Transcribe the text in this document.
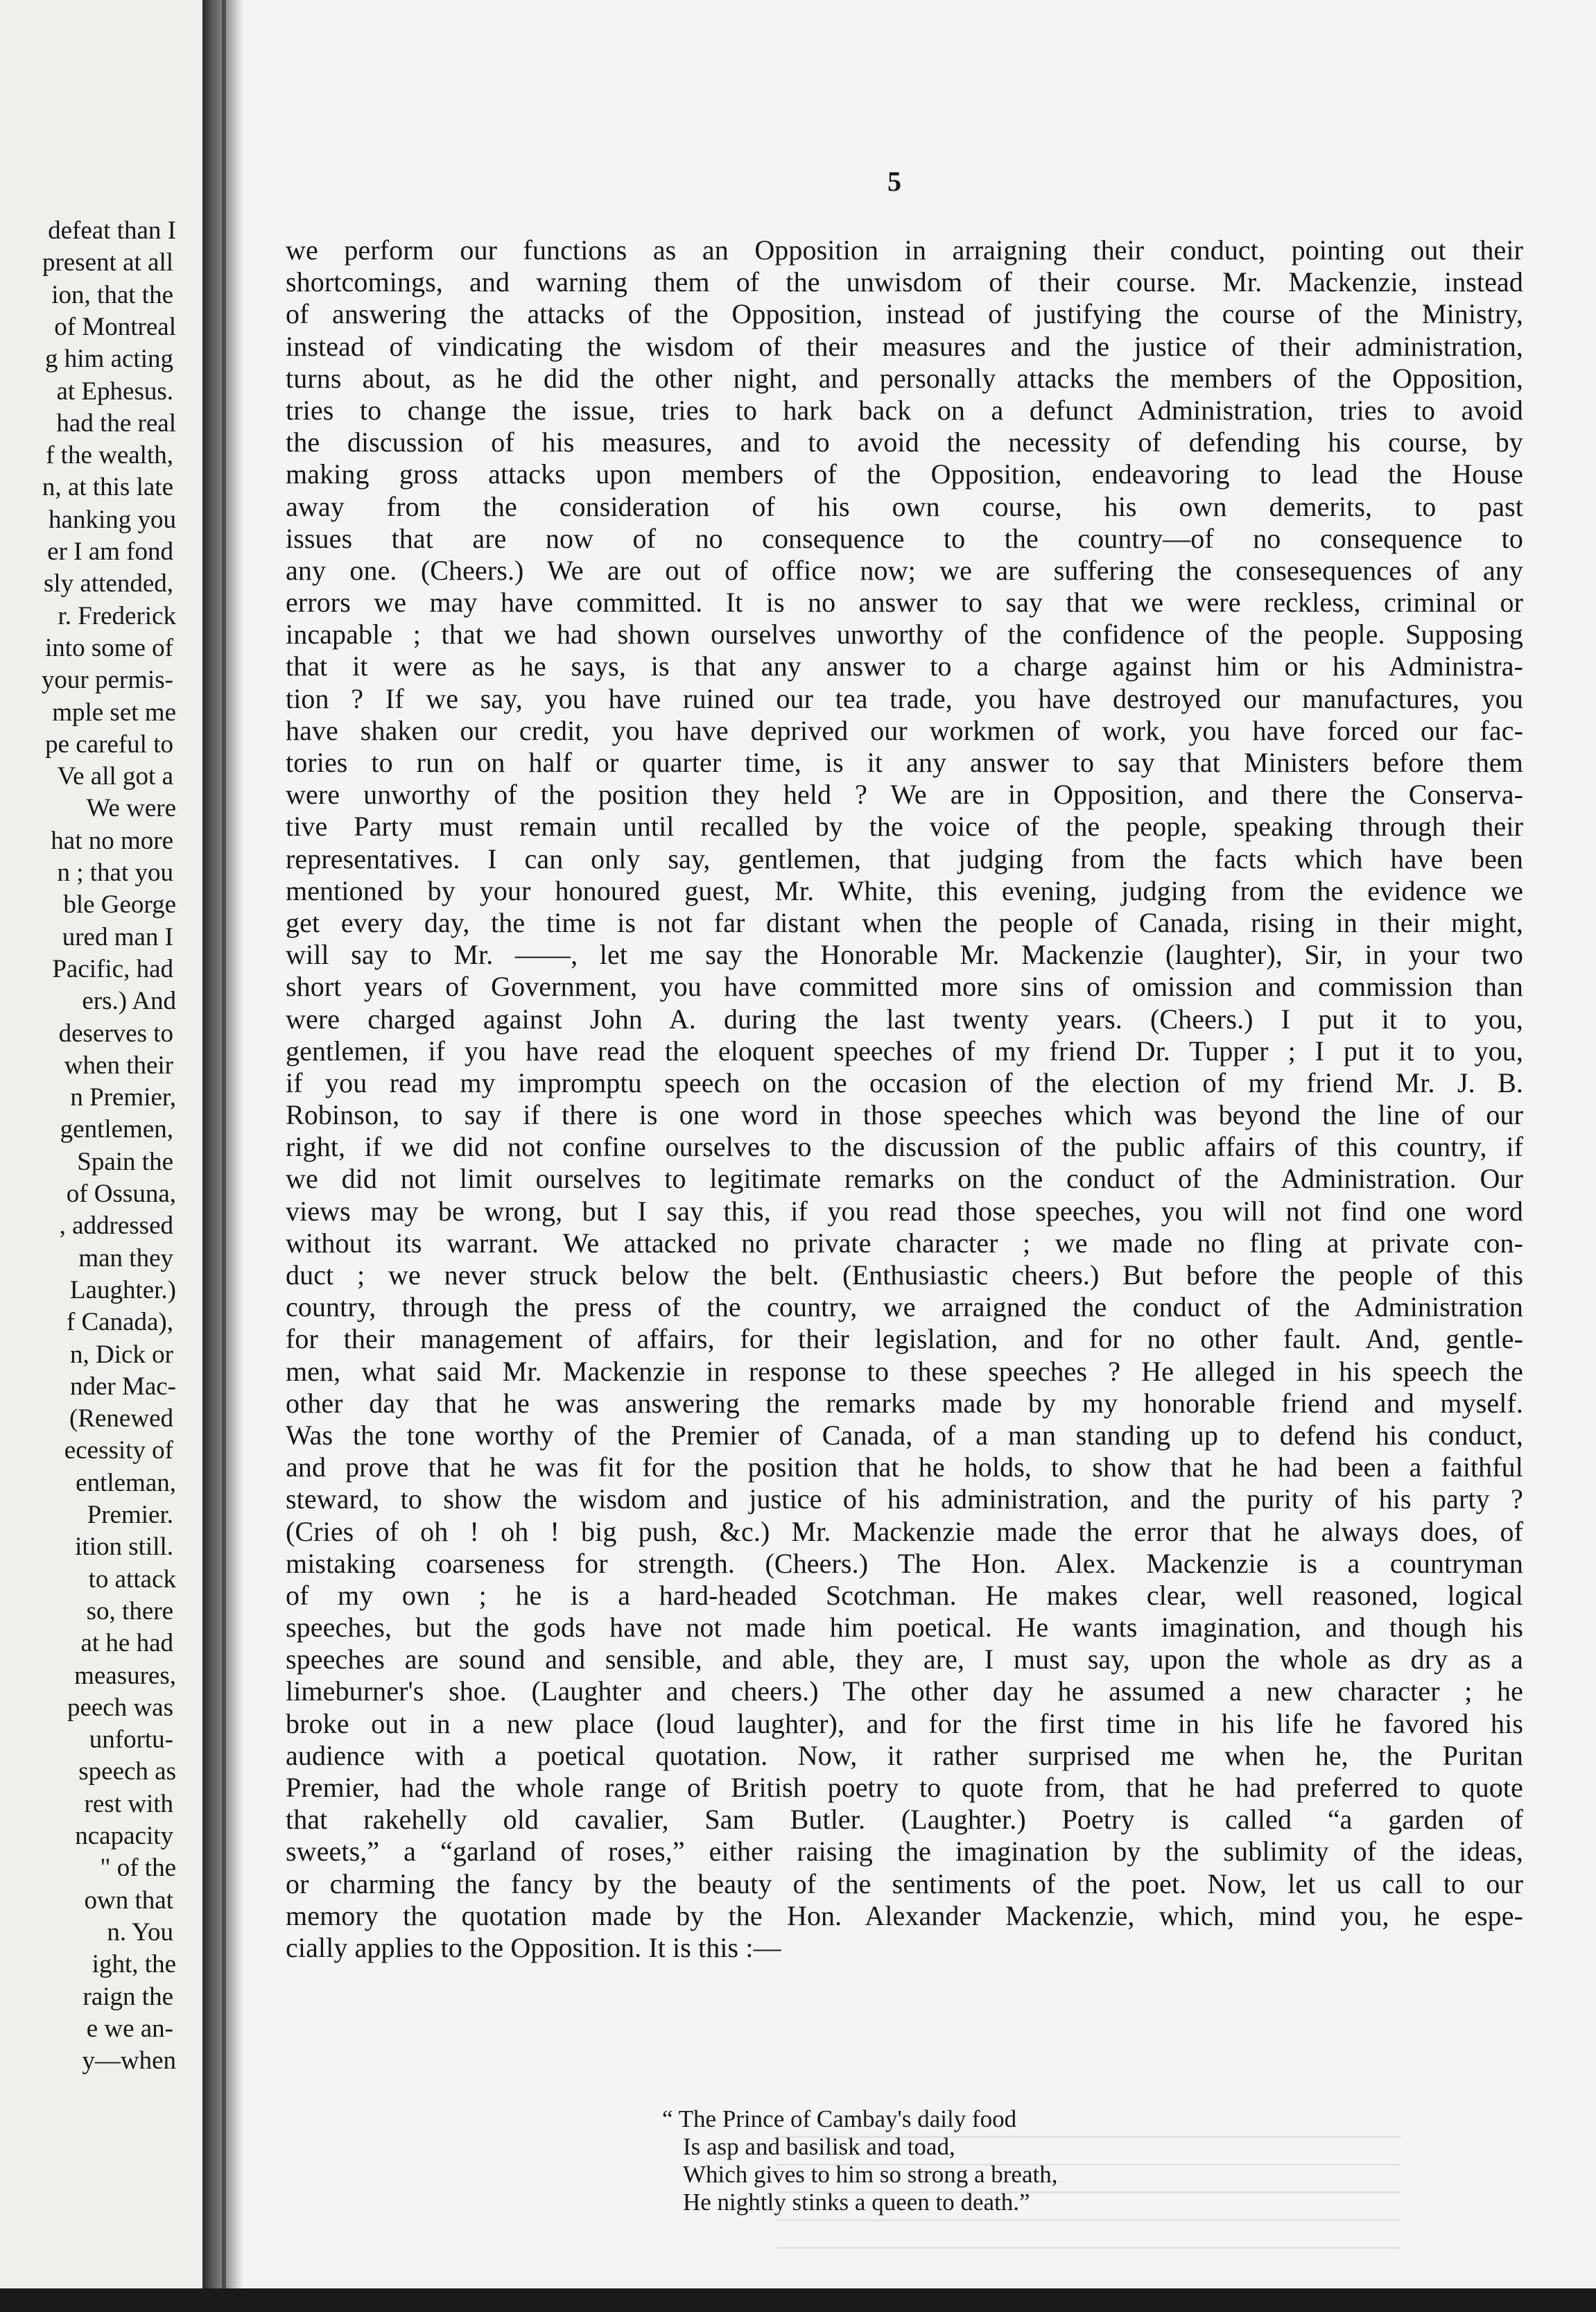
defeat than I
present at all
ion, that the
of Montreal
g him acting
at Ephesus.
had the real
f the wealth,
n, at this late
hanking you
er I am fond
sly attended,
r. Frederick
into some of
your permis-
mple set me
pe careful to
Ve all got a
We were
hat no more
n ; that you
ble George
ured man I
Pacific, had
ers.) And
deserves to
when their
n Premier,
gentlemen,
Spain the
of Ossuna,
, addressed
man they
Laughter.)
f Canada),
n, Dick or
nder Mac-
(Renewed
ecessity of
entleman,
Premier.
ition still.
to attack
so, there
at he had
measures,
peech was
unfortu-
speech as
rest with
ncapacity
" of the
own that
n. You
ight, the
raign the
e we an-
y—when
5
we perform our functions as an Opposition in arraigning their conduct, pointing out their
shortcomings, and warning them of the unwisdom of their course. Mr. Mackenzie, instead
of answering the attacks of the Opposition, instead of justifying the course of the Ministry,
instead of vindicating the wisdom of their measures and the justice of their administration,
turns about, as he did the other night, and personally attacks the members of the Opposition,
tries to change the issue, tries to hark back on a defunct Administration, tries to avoid
the discussion of his measures, and to avoid the necessity of defending his course, by
making gross attacks upon members of the Opposition, endeavoring to lead the House
away from the consideration of his own course, his own demerits, to past
issues that are now of no consequence to the country—of no consequence to
any one. (Cheers.) We are out of office now; we are suffering the consesequences of any
errors we may have committed. It is no answer to say that we were reckless, criminal or
incapable ; that we had shown ourselves unworthy of the confidence of the people. Supposing
that it were as he says, is that any answer to a charge against him or his Administra-
tion ? If we say, you have ruined our tea trade, you have destroyed our manufactures, you
have shaken our credit, you have deprived our workmen of work, you have forced our fac-
tories to run on half or quarter time, is it any answer to say that Ministers before them
were unworthy of the position they held ? We are in Opposition, and there the Conserva-
tive Party must remain until recalled by the voice of the people, speaking through their
representatives. I can only say, gentlemen, that judging from the facts which have been
mentioned by your honoured guest, Mr. White, this evening, judging from the evidence we
get every day, the time is not far distant when the people of Canada, rising in their might,
will say to Mr. ——, let me say the Honorable Mr. Mackenzie (laughter), Sir, in your two
short years of Government, you have committed more sins of omission and commission than
were charged against John A. during the last twenty years. (Cheers.) I put it to you,
gentlemen, if you have read the eloquent speeches of my friend Dr. Tupper ; I put it to you,
if you read my impromptu speech on the occasion of the election of my friend Mr. J. B.
Robinson, to say if there is one word in those speeches which was beyond the line of our
right, if we did not confine ourselves to the discussion of the public affairs of this country, if
we did not limit ourselves to legitimate remarks on the conduct of the Administration. Our
views may be wrong, but I say this, if you read those speeches, you will not find one word
without its warrant. We attacked no private character ; we made no fling at private con-
duct ; we never struck below the belt. (Enthusiastic cheers.) But before the people of this
country, through the press of the country, we arraigned the conduct of the Administration
for their management of affairs, for their legislation, and for no other fault. And, gentle-
men, what said Mr. Mackenzie in response to these speeches ? He alleged in his speech the
other day that he was answering the remarks made by my honorable friend and myself.
Was the tone worthy of the Premier of Canada, of a man standing up to defend his conduct,
and prove that he was fit for the position that he holds, to show that he had been a faithful
steward, to show the wisdom and justice of his administration, and the purity of his party ?
(Cries of oh ! oh ! big push, &c.) Mr. Mackenzie made the error that he always does, of
mistaking coarseness for strength. (Cheers.) The Hon. Alex. Mackenzie is a countryman
of my own ; he is a hard-headed Scotchman. He makes clear, well reasoned, logical
speeches, but the gods have not made him poetical. He wants imagination, and though his
speeches are sound and sensible, and able, they are, I must say, upon the whole as dry as a
limeburner's shoe. (Laughter and cheers.) The other day he assumed a new character ; he
broke out in a new place (loud laughter), and for the first time in his life he favored his
audience with a poetical quotation. Now, it rather surprised me when he, the Puritan
Premier, had the whole range of British poetry to quote from, that he had preferred to quote
that rakehelly old cavalier, Sam Butler. (Laughter.) Poetry is called “a garden of
sweets,” a “garland of roses,” either raising the imagination by the sublimity of the ideas,
or charming the fancy by the beauty of the sentiments of the poet. Now, let us call to our
memory the quotation made by the Hon. Alexander Mackenzie, which, mind you, he espe-
cially applies to the Opposition. It is this :—
“ The Prince of Cambay's daily food
Is asp and basilisk and toad,
Which gives to him so strong a breath,
He nightly stinks a queen to death.”
